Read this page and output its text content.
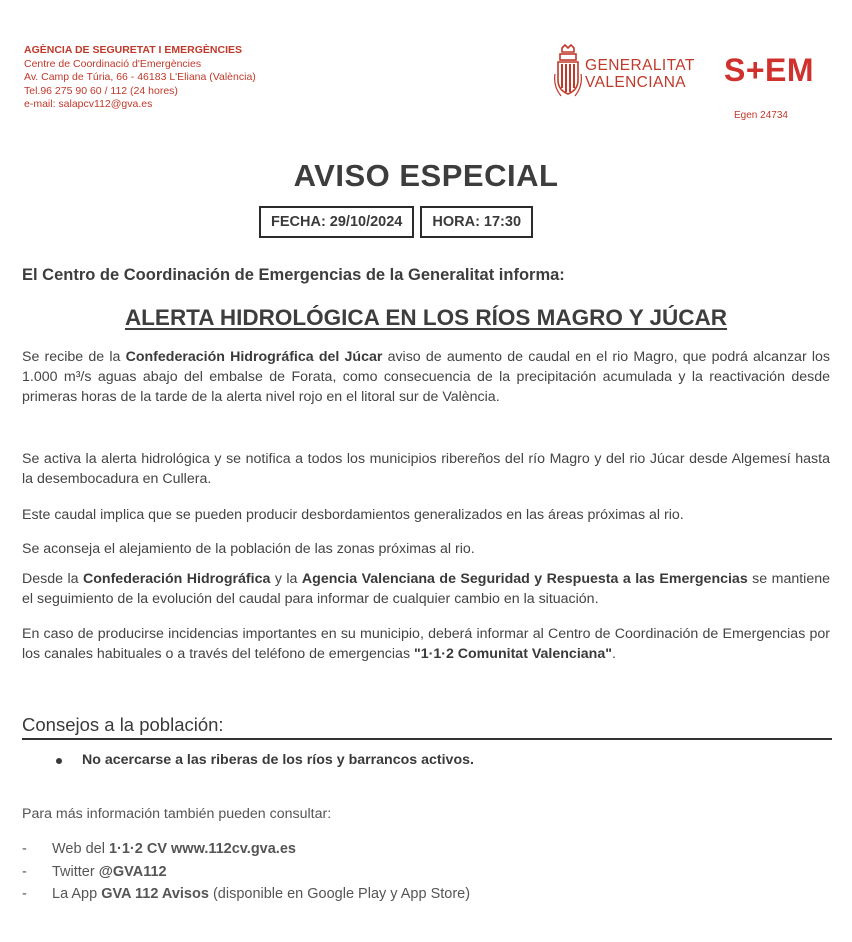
AGÈNCIA DE SEGURETAT I EMERGÈNCIES
Centre de Coordinació d'Emergències
Av. Camp de Túria, 66 - 46183 L'Eliana (València)
Tel.96 275 90 60 / 112 (24 hores)
e-mail: salapcv112@gva.es
GENERALITAT
VALENCIANA S+EM
Egen 24734
AVISO ESPECIAL
FECHA: 29/10/2024	HORA: 17:30
El Centro de Coordinación de Emergencias de la Generalitat informa:
ALERTA HIDROLÓGICA EN LOS RÍOS MAGRO Y JÚCAR
Se recibe de la Confederación Hidrográfica del Júcar aviso de aumento de caudal en el rio Magro, que podrá alcanzar los 1.000 m³/s aguas abajo del embalse de Forata, como consecuencia de la precipitación acumulada y la reactivación desde primeras horas de la tarde de la alerta nivel rojo en el litoral sur de València.
Se activa la alerta hidrológica y se notifica a todos los municipios ribereños del río Magro y del rio Júcar desde Algemesí hasta la desembocadura en Cullera.
Este caudal implica que se pueden producir desbordamientos generalizados en las áreas próximas al rio.
Se aconseja el alejamiento de la población de las zonas próximas al rio.
Desde la Confederación Hidrográfica y la Agencia Valenciana de Seguridad y Respuesta a las Emergencias se mantiene el seguimiento de la evolución del caudal para informar de cualquier cambio en la situación.
En caso de producirse incidencias importantes en su municipio, deberá informar al Centro de Coordinación de Emergencias por los canales habituales o a través del teléfono de emergencias "1·1·2 Comunitat Valenciana".
Consejos a la población:
No acercarse a las riberas de los ríos y barrancos activos.
Para más información también pueden consultar:
- Web del 1·1·2 CV www.112cv.gva.es
- Twitter @GVA112
- La App GVA 112 Avisos (disponible en Google Play y App Store)
